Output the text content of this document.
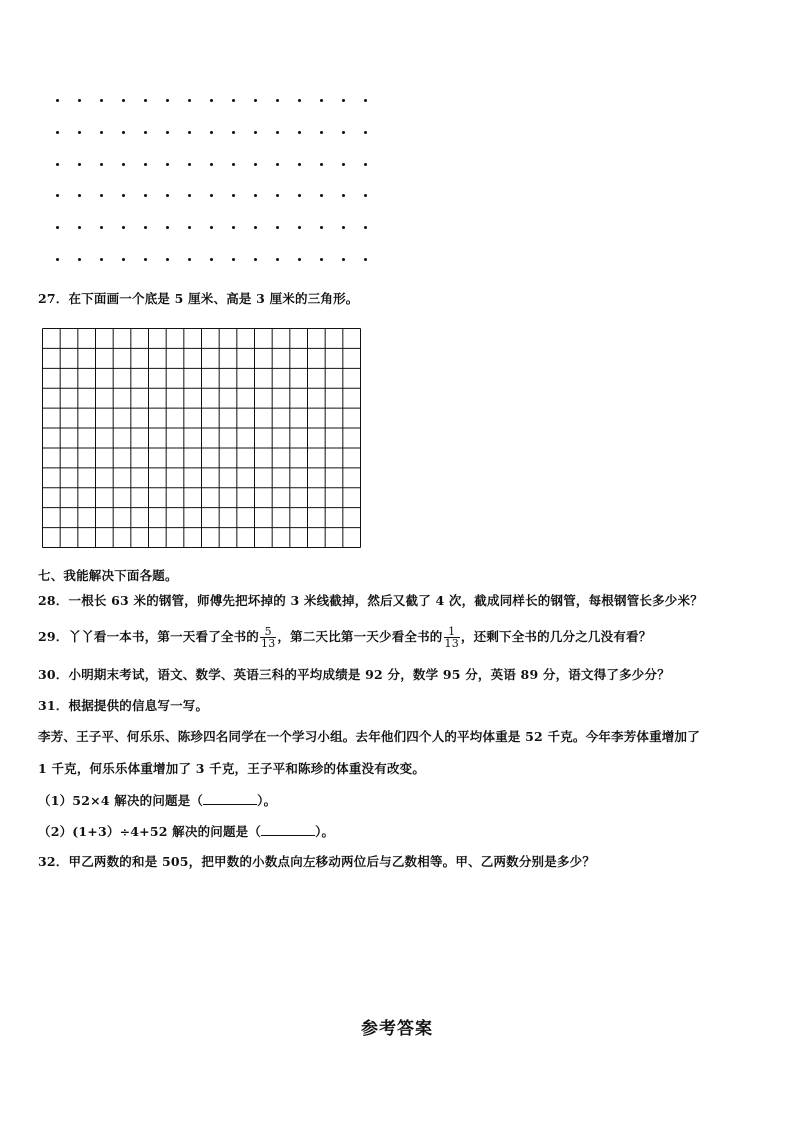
27．在下面画一个底是 5 厘米、高是 3 厘米的三角形。
七、我能解决下面各题。
28．一根长 63 米的钢管，师傅先把坏掉的 3 米线截掉，然后又截了 4 次，截成同样长的钢管，每根钢管长多少米？
29．丫丫看一本书，第一天看了全书的 $\frac{5}{13}$ ，第二天比第一天少看全书的 $\frac{1}{13}$ ，还剩下全书的几分之几没有看？
30．小明期末考试，语文、数学、英语三科的平均成绩是 92 分，数学 95 分，英语 89 分，语文得了多少分？
31．根据提供的信息写一写。
李芳、王子平、何乐乐、陈珍四名同学在一个学习小组。去年他们四个人的平均体重是 52 千克。今年李芳体重增加了
1 千克，何乐乐体重增加了 3 千克，王子平和陈珍的体重没有改变。
（1）52×4 解决的问题是（	）。
（2）(1+3）÷4+52 解决的问题是（	）。
32．甲乙两数的和是 505，把甲数的小数点向左移动两位后与乙数相等。甲、乙两数分别是多少？
参考答案
